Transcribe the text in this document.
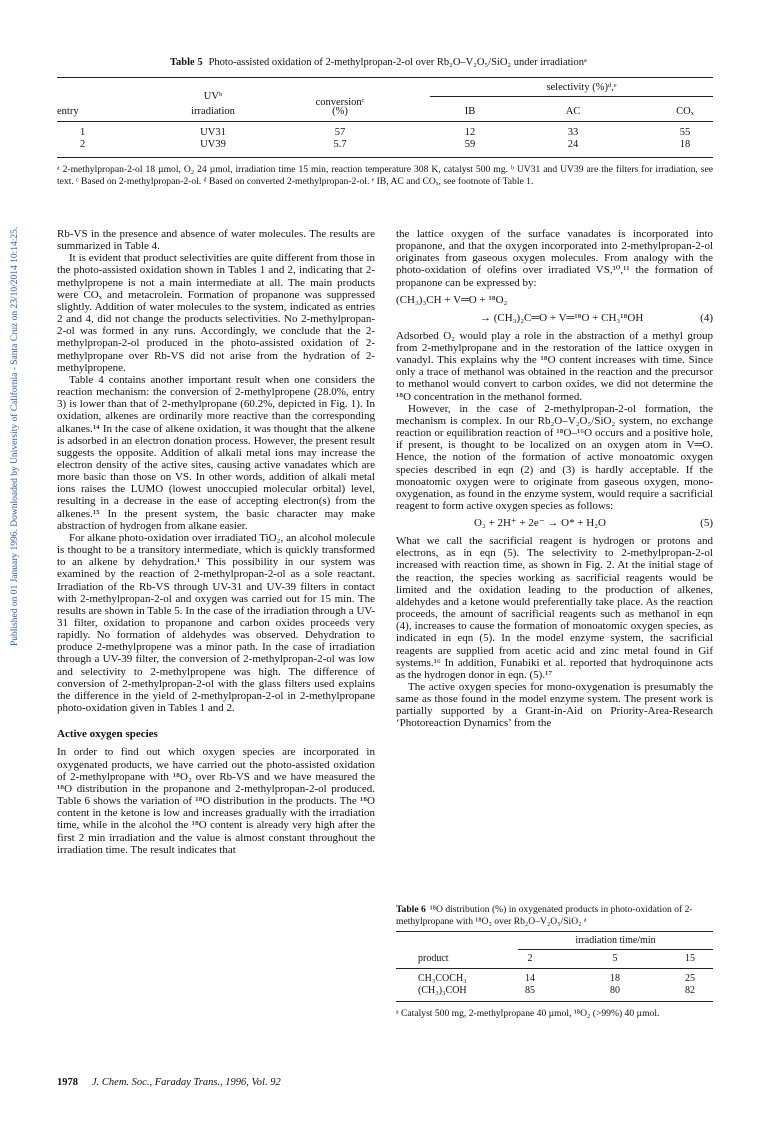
Table 5 Photo-assisted oxidation of 2-methylpropan-2-ol over Rb₂O–V₂O₅/SiO₂ under irradiationᵃ
selectivity (%)ᵈ,ᵉ
UVᵇ
conversionᶜ
entry	irradiation	(%)	IB	AC	COₓ
1	UV31	57	12	33	55
2	UV39	5.7	59	24	18
ᵃ 2-methylpropan-2-ol 18 µmol, O₂ 24 µmol, irradiation time 15 min, reaction temperature 308 K, catalyst 500 mg. ᵇ UV31 and UV39 are the filters for irradiation, see text. ᶜ Based on 2-methylpropan-2-ol. ᵈ Based on converted 2-methylpropan-2-ol. ᵉ IB, AC and COₓ, see footnote of Table 1.
Published on 01 January 1996. Downloaded by University of California - Santa Cruz on 23/10/2014 10:14:25.	Rb-VS in the presence and absence of water molecules. The results are summarized in Table 4.

It is evident that product selectivities are quite different from those in the photo-assisted oxidation shown in Tables 1 and 2, indicating that 2-methylpropene is not a main intermediate at all. The main products were COₓ and metacrolein. Formation of propanone was suppressed slightly. Addition of water molecules to the system, indicated as entries 2 and 4, did not change the products selectivities. No 2-methylpropan-2-ol was formed in any runs. Accordingly, we conclude that the 2-methylpropan-2-ol produced in the photo-assisted oxidation of 2-methylpropane over Rb-VS did not arise from the hydration of 2-methylpropene.

Table 4 contains another important result when one considers the reaction mechanism: the conversion of 2-methylpropene (28.0%, entry 3) is lower than that of 2-methylpropane (60.2%, depicted in Fig. 1). In oxidation, alkenes are ordinarily more reactive than the corresponding alkanes.¹⁴ In the case of alkene oxidation, it was thought that the alkene is adsorbed in an electron donation process. However, the present result suggests the opposite. Addition of alkali metal ions may increase the electron density of the active sites, causing active vanadates which are more basic than those on VS. In other words, addition of alkali metal ions raises the LUMO (lowest unoccupied molecular orbital) level, resulting in a decrease in the ease of accepting electron(s) from the alkenes.¹⁵ In the present system, the basic character may make abstraction of hydrogen from alkane easier.

For alkane photo-oxidation over irradiated TiO₂, an alcohol molecule is thought to be a transitory intermediate, which is quickly transformed to an alkene by dehydration.¹ This possibility in our system was examined by the reaction of 2-methylpropan-2-ol as a sole reactant. Irradiation of the Rb-VS through UV-31 and UV-39 filters in contact with 2-methylpropan-2-ol and oxygen was carried out for 15 min. The results are shown in Table 5. In the case of the irradiation through a UV-31 filter, oxidation to propanone and carbon oxides proceeds very rapidly. No formation of aldehydes was observed. Dehydration to produce 2-methylpropene was a minor path. In the case of irradiation through a UV-39 filter, the conversion of 2-methylpropan-2-ol was low and selectivity to 2-methylpropene was high. The difference of conversion of 2-methylpropan-2-ol with the glass filters used explains the difference in the yield of 2-methylpropan-2-ol in 2-methylpropane photo-oxidation given in Tables 1 and 2.

Active oxygen species

In order to find out which oxygen species are incorporated in oxygenated products, we have carried out the photo-assisted oxidation of 2-methylpropane with ¹⁸O₂ over Rb-VS and we have measured the ¹⁸O distribution in the propanone and 2-methylpropan-2-ol produced. Table 6 shows the variation of ¹⁸O distribution in the products. The ¹⁸O content in the ketone is low and increases gradually with the irradiation time, while in the alcohol the ¹⁸O content is already very high after the first 2 min irradiation and the value is almost constant throughout the irradiation time. The result indicates that

the lattice oxygen of the surface vanadates is incorporated into propanone, and that the oxygen incorporated into 2-methylpropan-2-ol originates from gaseous oxygen molecules. From analogy with the photo-oxidation of olefins over irradiated VS,¹⁰,¹¹ the formation of propanone can be expressed by:

(CH₃)₃CH + V═O + ¹⁸O₂
→ (CH₃)₂C═O + V═¹⁸O + CH₃¹⁸OH	(4)

Adsorbed O₂ would play a role in the abstraction of a methyl group from 2-methylpropane and in the restoration of the lattice oxygen in vanadyl. This explains why the ¹⁸O content increases with time. Since only a trace of methanol was obtained in the reaction and the precursor to methanol would convert to carbon oxides, we did not determine the ¹⁸O concentration in the methanol formed.

However, in the case of 2-methylpropan-2-ol formation, the mechanism is complex. In our Rb₂O–V₂O₅/SiO₂ system, no exchange reaction or equilibration reaction of ¹⁸O–¹⁶O occurs and a positive hole, if present, is thought to be localized on an oxygen atom in V═O. Hence, the notion of the formation of active monoatomic oxygen species described in eqn (2) and (3) is hardly acceptable. If the monoatomic oxygen were to originate from gaseous oxygen, mono-oxygenation, as found in the enzyme system, would require a sacrificial reagent to form active oxygen species as follows:

O₂ + 2H⁺ + 2e⁻ → O* + H₂O	(5)

What we call the sacrificial reagent is hydrogen or protons and electrons, as in eqn (5). The selectivity to 2-methylpropan-2-ol increased with reaction time, as shown in Fig. 2. At the initial stage of the reaction, the species working as sacrificial reagents would be limited and the oxidation leading to the production of alkenes, aldehydes and a ketone would preferentially take place. As the reaction proceeds, the amount of sacrificial reagents such as methanol in eqn (4), increases to cause the formation of monoatomic oxygen species, as indicated in eqn (5). In the model enzyme system, the sacrificial reagents are supplied from acetic acid and zinc metal found in Gif systems.¹⁶ In addition, Funabiki et al. reported that hydroquinone acts as the hydrogen donor in eqn. (5).¹⁷

The active oxygen species for mono-oxygenation is presumably the same as those found in the model enzyme system. The present work is partially supported by a Grant-in-Aid on Priority-Area-Research ‘Photoreaction Dynamics’ from the

Table 6 ¹⁸O distribution (%) in oxygenated products in photo-oxidation of 2-methylpropane with ¹⁸O₂ over Rb₂O–V₂O₅/SiO₂ ᵃ
irradiation time/min
product	2	5	15
CH₃COCH₃	14	18	25
(CH₃)₃COH	85	80	82
ᵃ Catalyst 500 mg, 2-methylpropane 40 µmol, ¹⁸O₂ (>99%) 40 µmol.
1978 J. Chem. Soc., Faraday Trans., 1996, Vol. 92
